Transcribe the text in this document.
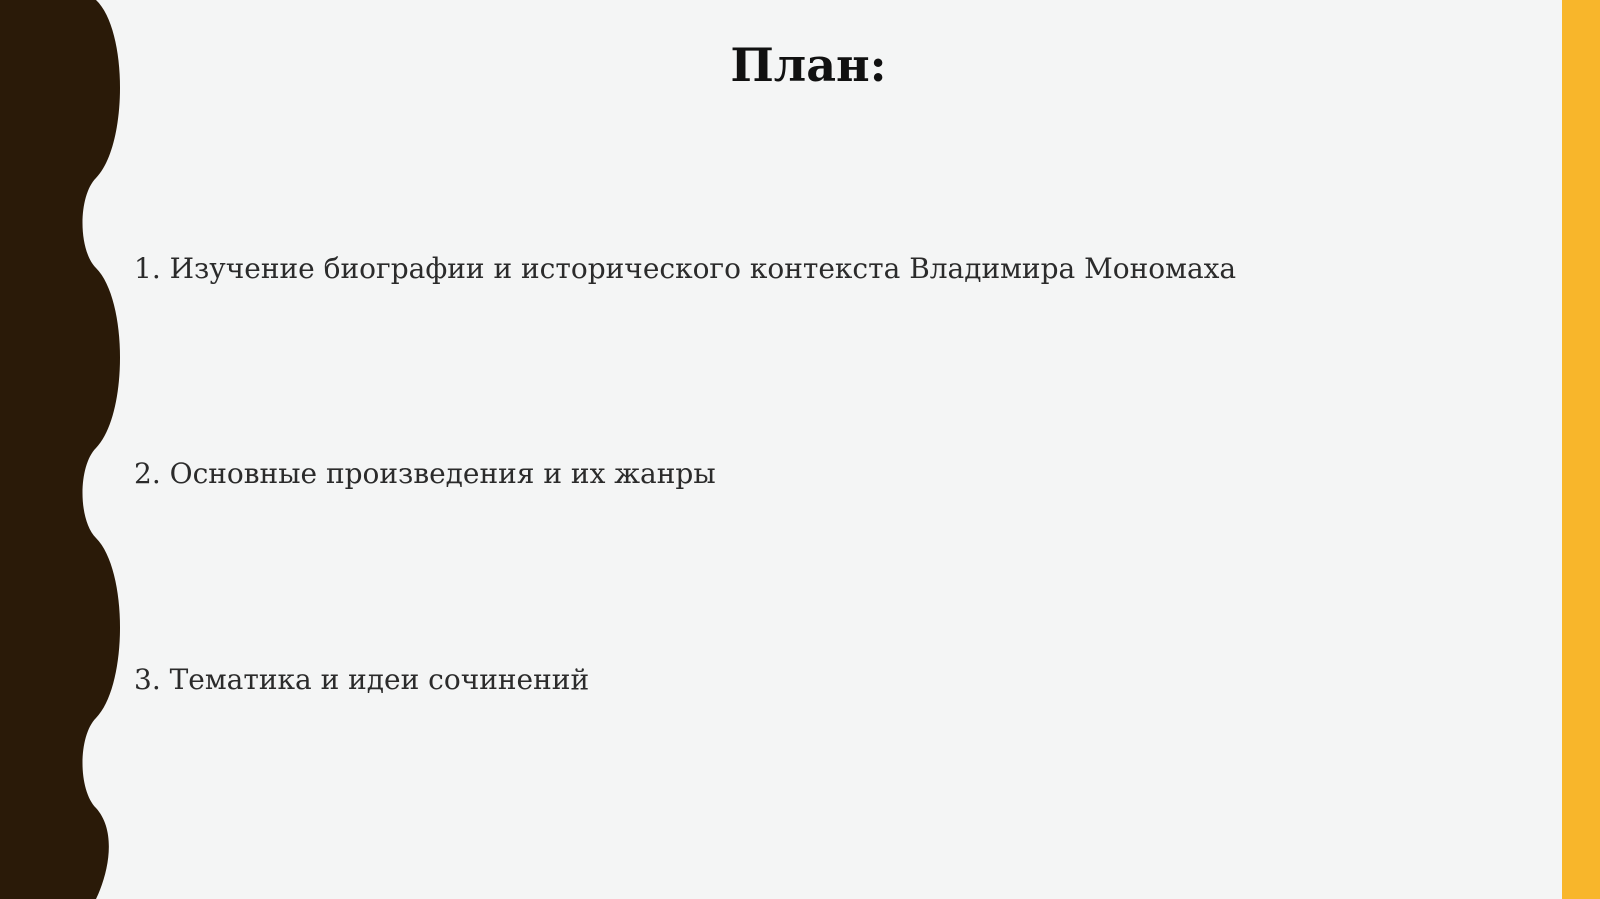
План:
1. Изучение биографии и исторического контекста Владимира Мономаха
2. Основные произведения и их жанры
3. Тематика и идеи сочинений
